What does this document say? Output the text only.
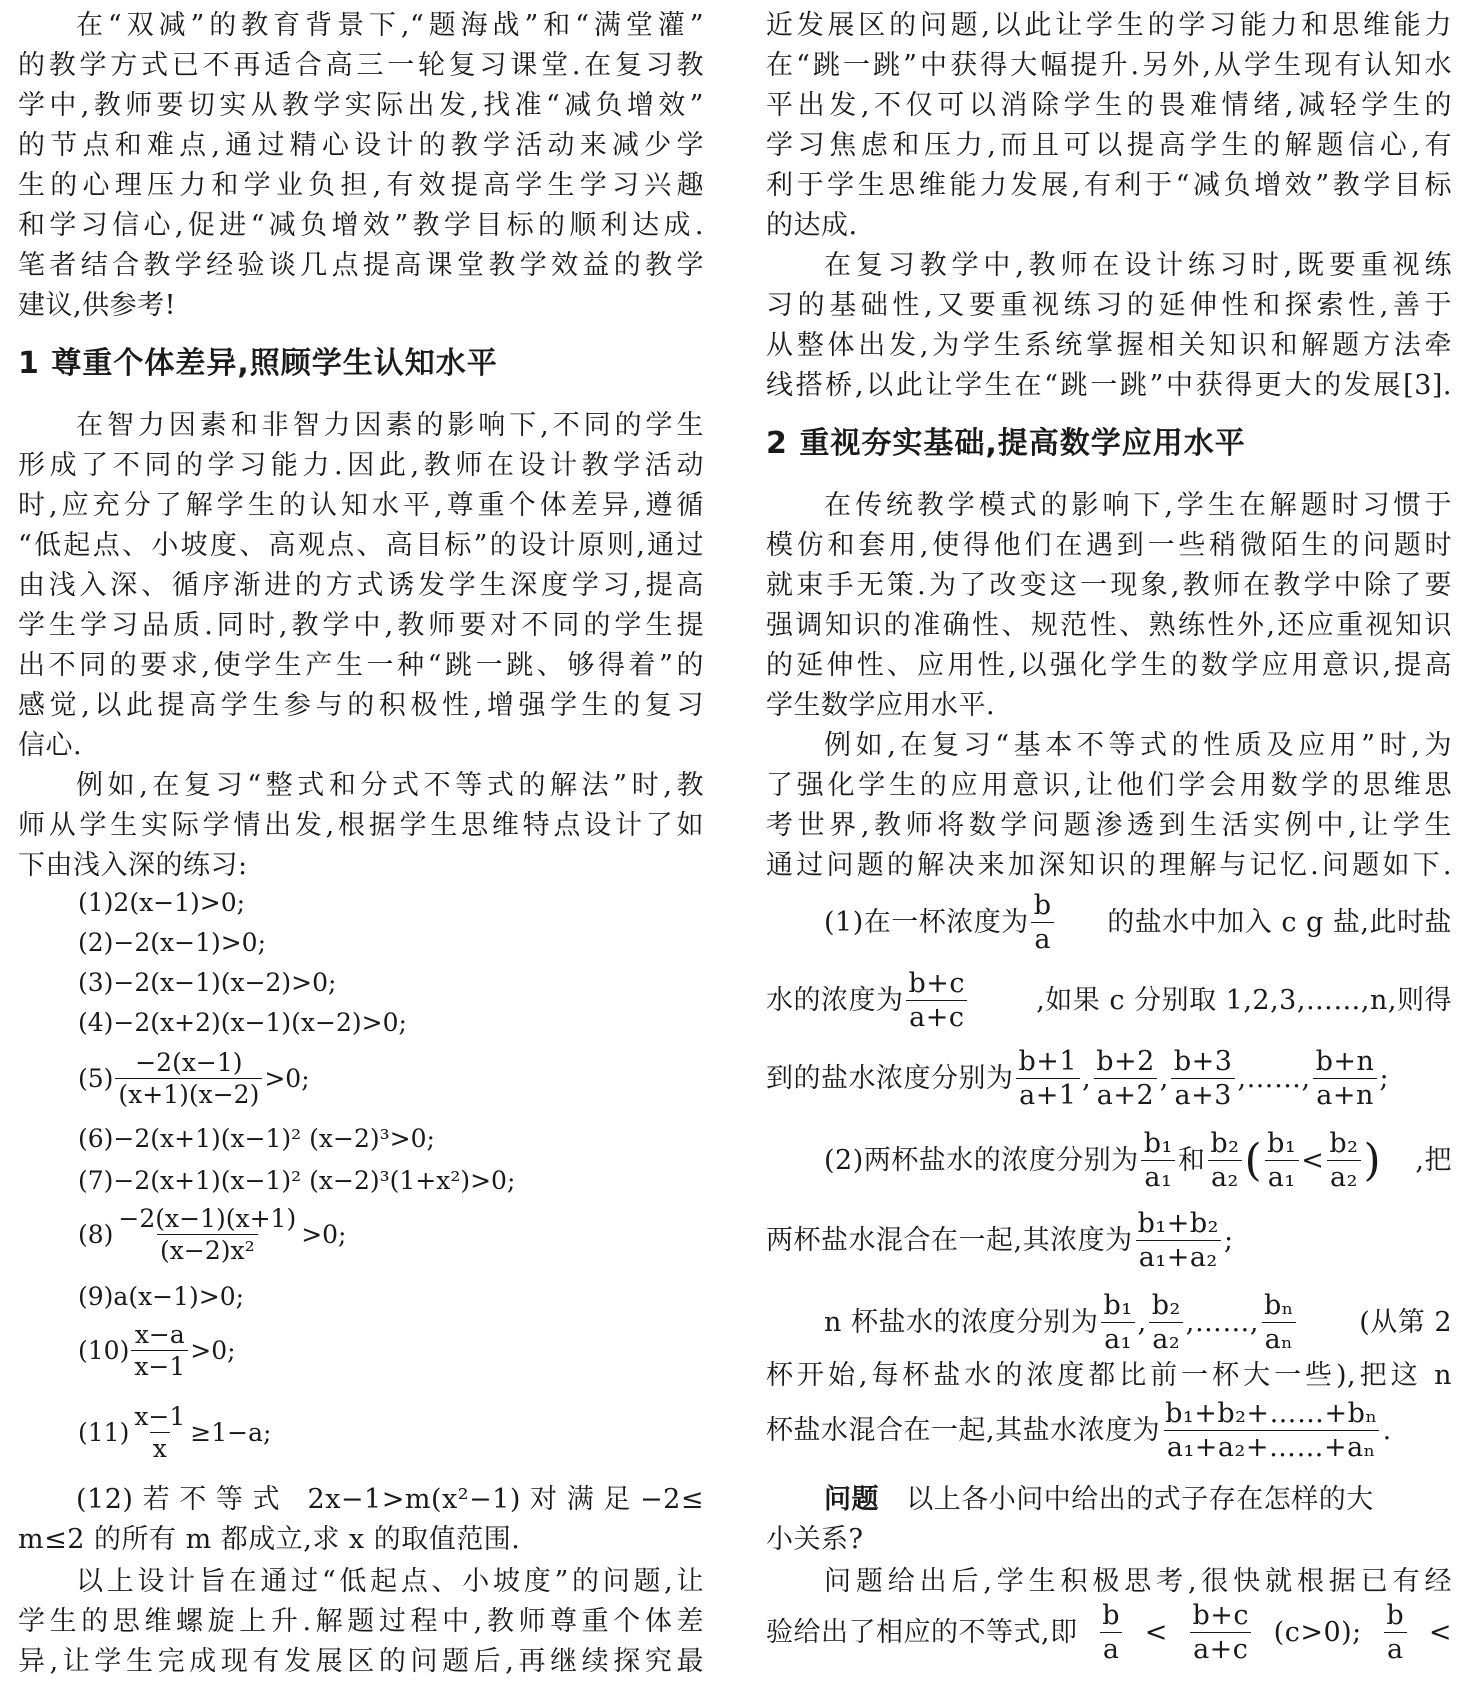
在“双减”的教育背景下,“题海战”和“满堂灌”
的教学方式已不再适合高三一轮复习课堂.在复习教
学中,教师要切实从教学实际出发,找准“减负增效”
的节点和难点,通过精心设计的教学活动来减少学
生的心理压力和学业负担,有效提高学生学习兴趣
和学习信心,促进“减负增效”教学目标的顺利达成.
笔者结合教学经验谈几点提高课堂教学效益的教学
建议,供参考!
1 尊重个体差异,照顾学生认知水平
在智力因素和非智力因素的影响下,不同的学生
形成了不同的学习能力.因此,教师在设计教学活动
时,应充分了解学生的认知水平,尊重个体差异,遵循
“低起点、小坡度、高观点、高目标”的设计原则,通过
由浅入深、循序渐进的方式诱发学生深度学习,提高
学生学习品质.同时,教学中,教师要对不同的学生提
出不同的要求,使学生产生一种“跳一跳、够得着”的
感觉,以此提高学生参与的积极性,增强学生的复习
信心.
例如,在复习“整式和分式不等式的解法”时,教
师从学生实际学情出发,根据学生思维特点设计了如
下由浅入深的练习:
(1)2(x−1)>0;
(2)−2(x−1)>0;
(3)−2(x−1)(x−2)>0;
(4)−2(x+2)(x−1)(x−2)>0;
$(5) \frac{-2(x-1)}{(x+1)(x-2)} >0$;
(6)−2(x+1)(x−1)² (x−2)³>0;
(7)−2(x+1)(x−1)² (x−2)³(1+x²)>0;
$(8) \frac{-2(x-1)(x+1)}{\text{(x−2)x²}} >0$;
(9)a(x−1)>0;
$(10) \frac{x-a}{x-1} >0$;
$(11) \frac{x-1}{x} \ge 1-a$;
(12)若不等式 2x−1>m(x²−1)对满足−2≤
m≤2 的所有 m 都成立,求 x 的取值范围.
以上设计旨在通过“低起点、小坡度”的问题,让
学生的思维螺旋上升.解题过程中,教师尊重个体差
异,让学生完成现有发展区的问题后,再继续探究最
近发展区的问题,以此让学生的学习能力和思维能力
在“跳一跳”中获得大幅提升.另外,从学生现有认知水
平出发,不仅可以消除学生的畏难情绪,减轻学生的
学习焦虑和压力,而且可以提高学生的解题信心,有
利于学生思维能力发展,有利于“减负增效”教学目标
的达成.
在复习教学中,教师在设计练习时,既要重视练
习的基础性,又要重视练习的延伸性和探索性,善于
从整体出发,为学生系统掌握相关知识和解题方法牵
线搭桥,以此让学生在“跳一跳”中获得更大的发展[3].
2 重视夯实基础,提高数学应用水平
在传统教学模式的影响下,学生在解题时习惯于
模仿和套用,使得他们在遇到一些稍微陌生的问题时
就束手无策.为了改变这一现象,教师在教学中除了要
强调知识的准确性、规范性、熟练性外,还应重视知识
的延伸性、应用性,以强化学生的数学应用意识,提高
学生数学应用水平.
例如,在复习“基本不等式的性质及应用”时,为
了强化学生的应用意识,让他们学会用数学的思维思
考世界,教师将数学问题渗透到生活实例中,让学生
通过问题的解决来加深知识的理解与记忆.问题如下.
(1)在一杯浓度为 $\frac{b}{a}$ 的盐水中加入 c g 盐,此时盐
水的浓度为 $\frac{b+c}{a+c}$	,如果 c 分别取 1,2,3,……,n,则得
到的盐水浓度分别为 $\frac{b+1}{a+1}$ , $\frac{b+2}{a+2}$ , $\frac{b+3}{a+3}$ ,……, $\frac{b+n}{a+n}$ ;
(2)两杯盐水的浓度分别为 $\frac{\text{b₁}}{\text{a₁}}$ 和 $\frac{\text{b₂}}{\text{a₂}}$ ( $\frac{\text{b₁}}{\text{a₁}} < \frac{\text{b₂}}{\text{a₂}}$ ) ,把
两杯盐水混合在一起,其浓度为 $\frac{\text{b₁+b₂}}{\text{a₁+a₂}}$ ;
n 杯盐水的浓度分别为 $\frac{\text{b₁}}{\text{a₁}}$ , $\frac{\text{b₂}}{\text{a₂}}$ ,……, $\frac{\text{bₙ}}{\text{aₙ}}$ (从第 2
杯开始,每杯盐水的浓度都比前一杯大一些),把这 n
杯盐水混合在一起,其盐水浓度为 $\frac{\text{b₁+b₂+……+bₙ}}{\text{a₁+a₂+……+aₙ}}$ .
问题 以上各小问中给出的式子存在怎样的大
小关系?
问题给出后,学生积极思考,很快就根据已有经
验给出了相应的不等式,即 $\frac{b}{a} < \frac{b+c}{a+c} (c>0)$; $\frac{b}{a}$ <
